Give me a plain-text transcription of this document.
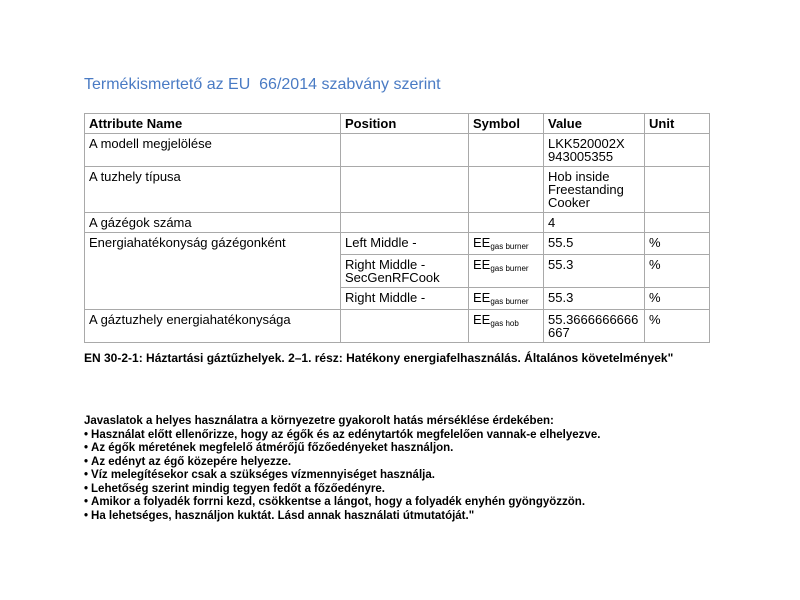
Termékismertető az EU  66/2014 szabvány szerint
Attribute Name	Position	Symbol	Value	Unit
A modell megjelölése			LKK520002X 943005355	
A tuzhely típusa			Hob inside Freestanding Cooker	
A gázégok száma			4	
Energiahatékonyság gázégonként	Left Middle -	$EE_{gas burner}$	55.5	%
	Right Middle - SecGenRFCook	$EE_{gas burner}$	55.3	%
	Right Middle -	$EE_{gas burner}$	55.3	%
A gáztuzhely energiahatékonysága		$EE_{gas hob}$	55.3666666666667	%

EN 30-2-1: Háztartási gáztűzhelyek. 2–1. rész: Hatékony energiafelhasználás. Általános követelmények"

Javaslatok a helyes használatra a környezetre gyakorolt hatás mérséklése érdekében:

• Használat előtt ellenőrizze, hogy az égők és az edénytartók megfelelően vannak-e elhelyezve.
• Az égők méretének megfelelő átmérőjű főzőedényeket használjon.
• Az edényt az égő közepére helyezze.
• Víz melegítésekor csak a szükséges vízmennyiséget használja.
• Lehetőség szerint mindig tegyen fedőt a főzőedényre.
• Amikor a folyadék forrni kezd, csökkentse a lángot, hogy a folyadék enyhén gyöngyözzön.
• Ha lehetséges, használjon kuktát. Lásd annak használati útmutatóját."
